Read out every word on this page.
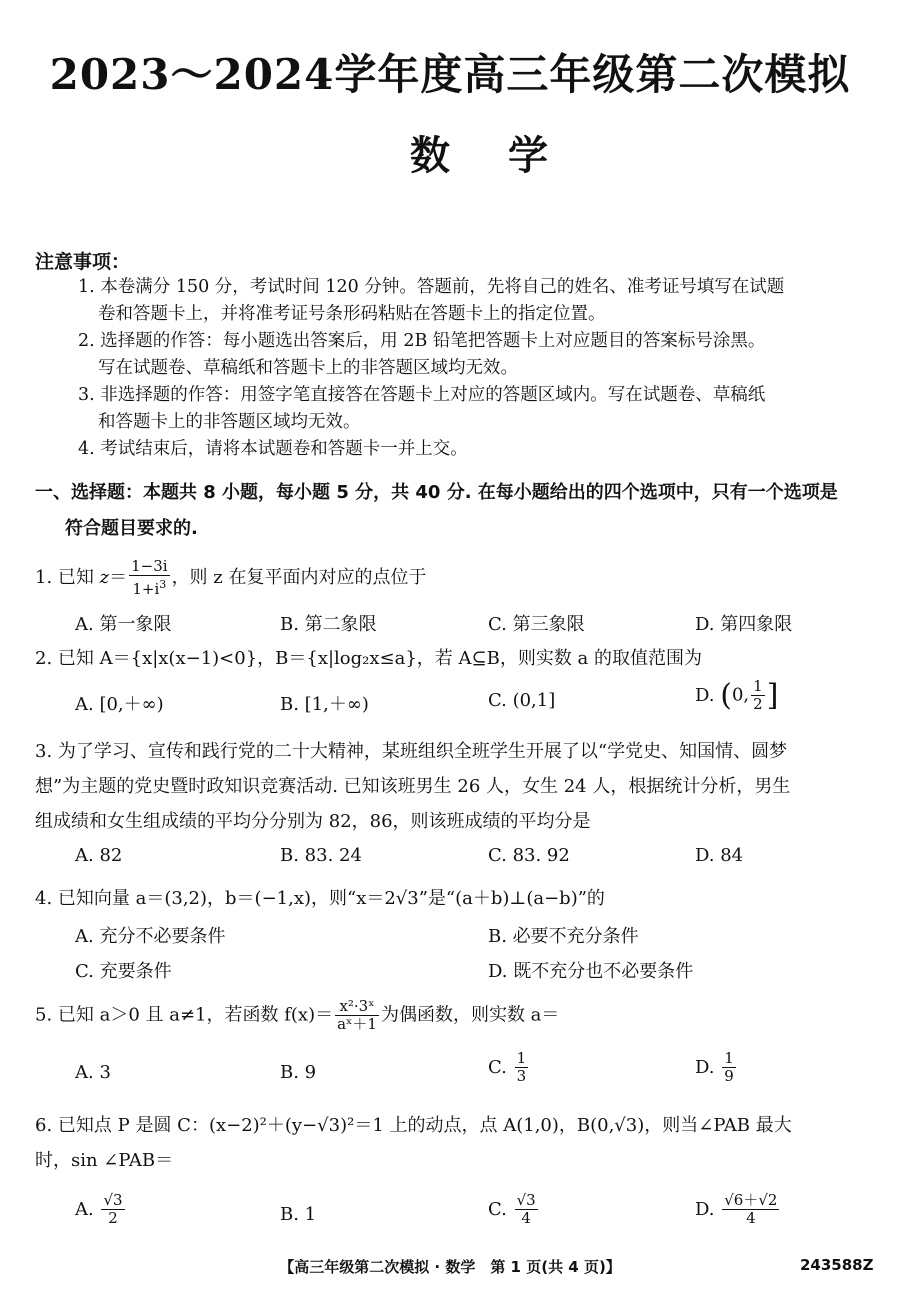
2023～2024学年度高三年级第二次模拟
数学
注意事项：
1. 本卷满分 150 分，考试时间 120 分钟。答题前，先将自己的姓名、准考证号填写在试题
卷和答题卡上，并将准考证号条形码粘贴在答题卡上的指定位置。
2. 选择题的作答：每小题选出答案后，用 2B 铅笔把答题卡上对应题目的答案标号涂黑。
写在试题卷、草稿纸和答题卡上的非答题区域均无效。
3. 非选择题的作答：用签字笔直接答在答题卡上对应的答题区域内。写在试题卷、草稿纸
和答题卡上的非答题区域均无效。
4. 考试结束后，请将本试题卷和答题卡一并上交。
一、选择题：本题共 8 小题，每小题 5 分，共 40 分. 在每小题给出的四个选项中，只有一个选项是
符合题目要求的.
1. 已知 $z= \frac{1-3i}{1+i^3}$ ，则 z 在复平面内对应的点位于
A. 第一象限	B. 第二象限	C. 第三象限	D. 第四象限
2. 已知 A＝{x|x(x−1)<0}，B＝{x|log₂x≤a}，若 A⊆B，则实数 a 的取值范围为
A. [0,＋∞)	B. [1,＋∞)	C. (0,1]	D. (0, $\frac{1}{2}$ ]
3. 为了学习、宣传和践行党的二十大精神，某班组织全班学生开展了以“学党史、知国情、圆梦
想”为主题的党史暨时政知识竞赛活动. 已知该班男生 26 人，女生 24 人，根据统计分析，男生
组成绩和女生组成绩的平均分分别为 82，86，则该班成绩的平均分是
A. 82	B. 83. 24	C. 83. 92	D. 84
4. 已知向量 a＝(3,2)，b＝(−1,x)，则“x＝2√3”是“(a＋b)⊥(a−b)”的
A. 充分不必要条件	B. 必要不充分条件
C. 充要条件	D. 既不充分也不必要条件
5. 已知 a＞0 且 a≠1，若函数 $f(x)= \frac{\text{x²·3ˣ}}{\text{aˣ＋1}}$ 为偶函数，则实数 a＝
A. 3	B. 9	C. $\frac{1}{3}$	D. $\frac{1}{9}$
6. 已知点 P 是圆 C：(x−2)²＋(y−√3)²＝1 上的动点，点 A(1,0)，B(0,√3)，则当∠PAB 最大
时，sin ∠PAB＝
A. $\frac{√3}{2}$	B. 1	C. $\frac{√3}{4}$	D. $\frac{√6+√2}{4}$
【高三年级第二次模拟 · 数学　第 1 页(共 4 页)】	243588Z
